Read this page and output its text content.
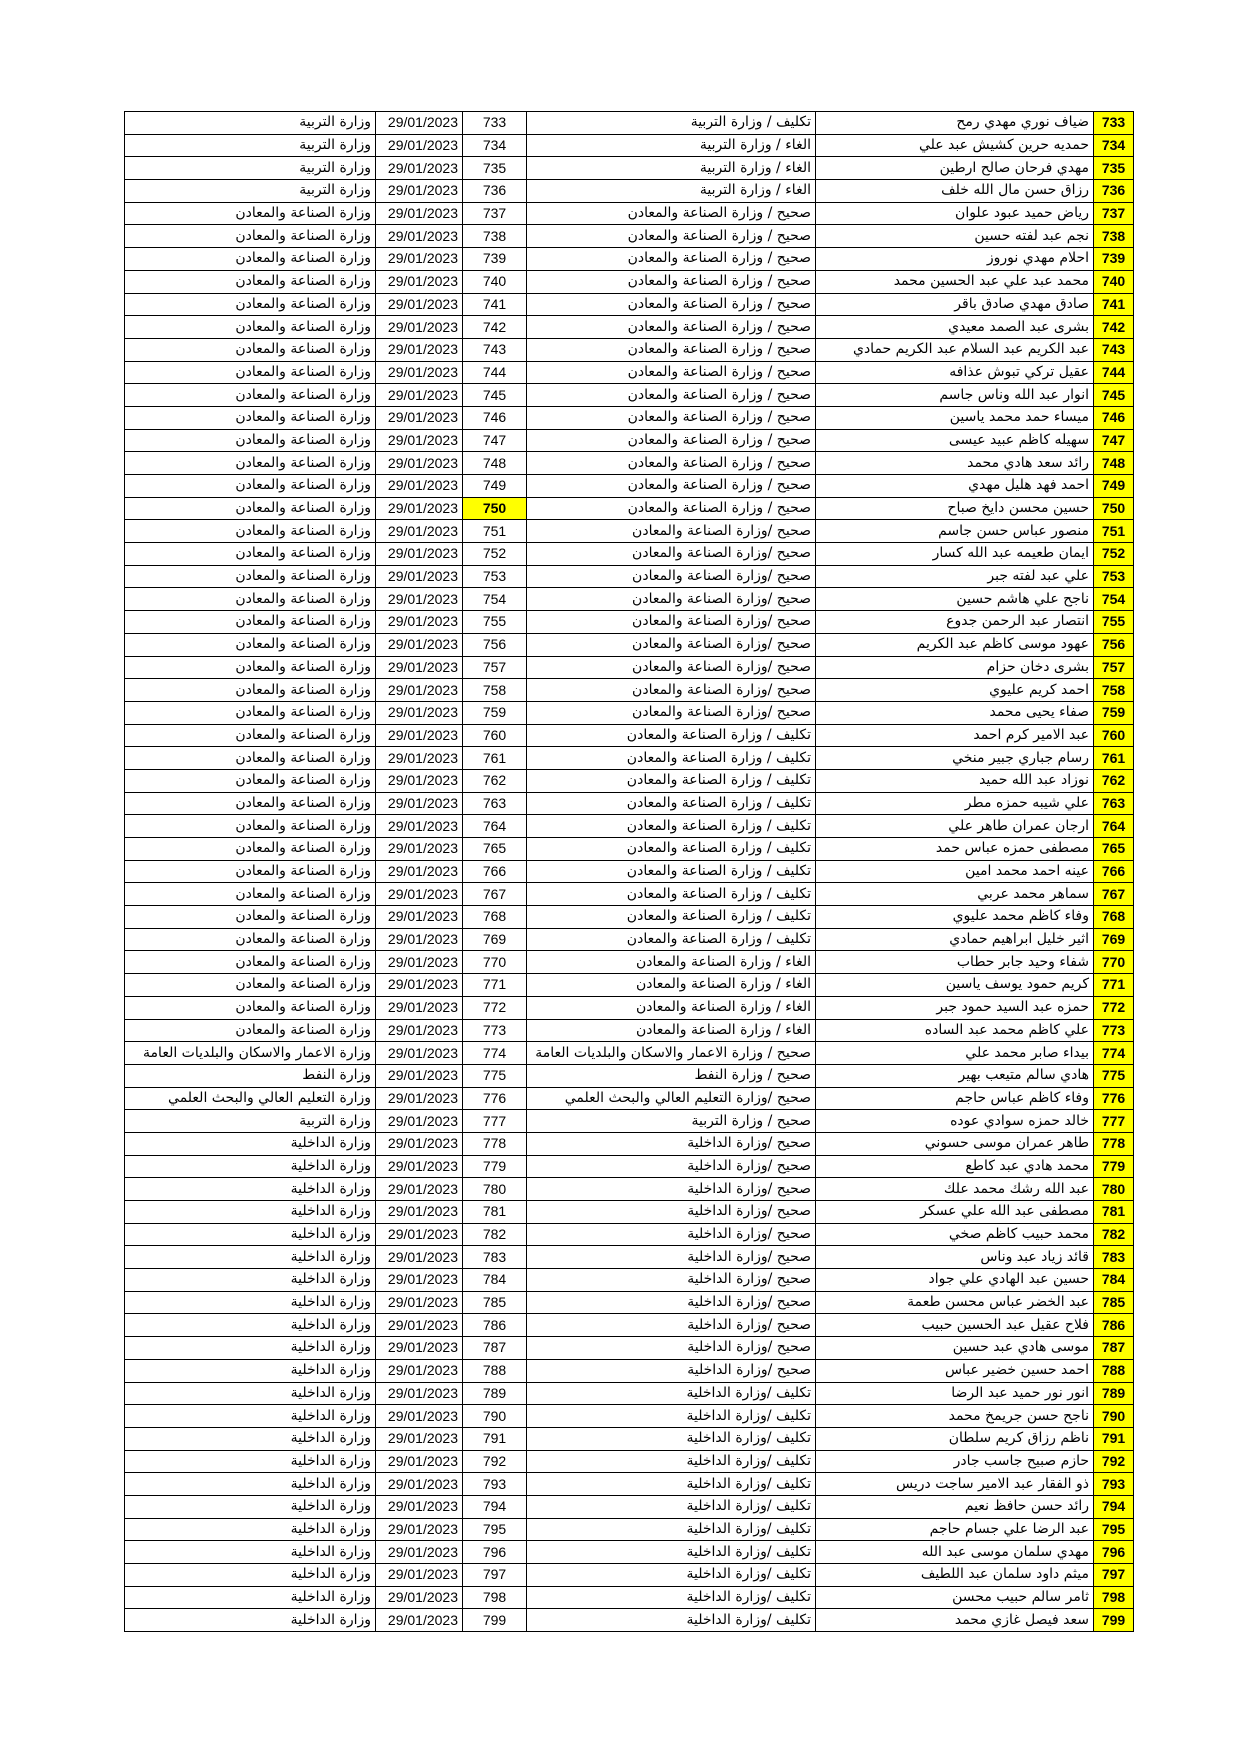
وزارة التربية	29/01/2023	733	تكليف / وزارة التربية	ضياف نوري مهدي رمح	733
وزارة التربية	29/01/2023	734	الغاء / وزارة التربية	حمديه حرين كشيش عبد علي	734
وزارة التربية	29/01/2023	735	الغاء / وزارة التربية	مهدي فرحان صالح ارطين	735
وزارة التربية	29/01/2023	736	الغاء / وزارة التربية	رزاق حسن مال الله خلف	736
وزارة الصناعة والمعادن	29/01/2023	737	صحيح / وزارة الصناعة والمعادن	رياض حميد عبود علوان	737
وزارة الصناعة والمعادن	29/01/2023	738	صحيح / وزارة الصناعة والمعادن	نجم عبد لفته حسين	738
وزارة الصناعة والمعادن	29/01/2023	739	صحيح / وزارة الصناعة والمعادن	احلام مهدي نوروز	739
وزارة الصناعة والمعادن	29/01/2023	740	صحيح / وزارة الصناعة والمعادن	محمد عبد علي عبد الحسين محمد	740
وزارة الصناعة والمعادن	29/01/2023	741	صحيح / وزارة الصناعة والمعادن	صادق مهدي صادق باقر	741
وزارة الصناعة والمعادن	29/01/2023	742	صحيح / وزارة الصناعة والمعادن	بشرى عبد الصمد معيدي	742
وزارة الصناعة والمعادن	29/01/2023	743	صحيح / وزارة الصناعة والمعادن	عبد الكريم عبد السلام عبد الكريم حمادي	743
وزارة الصناعة والمعادن	29/01/2023	744	صحيح / وزارة الصناعة والمعادن	عقيل تركي تبوش عذافه	744
وزارة الصناعة والمعادن	29/01/2023	745	صحيح / وزارة الصناعة والمعادن	انوار عبد الله وناس جاسم	745
وزارة الصناعة والمعادن	29/01/2023	746	صحيح / وزارة الصناعة والمعادن	ميساء حمد محمد ياسين	746
وزارة الصناعة والمعادن	29/01/2023	747	صحيح / وزارة الصناعة والمعادن	سهيله كاظم عبيد عيسى	747
وزارة الصناعة والمعادن	29/01/2023	748	صحيح / وزارة الصناعة والمعادن	رائد سعد هادي محمد	748
وزارة الصناعة والمعادن	29/01/2023	749	صحيح / وزارة الصناعة والمعادن	احمد فهد هليل مهدي	749
وزارة الصناعة والمعادن	29/01/2023	750	صحيح / وزارة الصناعة والمعادن	حسين محسن دايخ صباح	750
وزارة الصناعة والمعادن	29/01/2023	751	صحيح /وزارة الصناعة والمعادن	منصور عباس حسن جاسم	751
وزارة الصناعة والمعادن	29/01/2023	752	صحيح /وزارة الصناعة والمعادن	ايمان طعيمه عبد الله كسار	752
وزارة الصناعة والمعادن	29/01/2023	753	صحيح /وزارة الصناعة والمعادن	علي عبد لفته جبر	753
وزارة الصناعة والمعادن	29/01/2023	754	صحيح /وزارة الصناعة والمعادن	ناجح علي هاشم حسين	754
وزارة الصناعة والمعادن	29/01/2023	755	صحيح /وزارة الصناعة والمعادن	انتصار عبد الرحمن جدوع	755
وزارة الصناعة والمعادن	29/01/2023	756	صحيح /وزارة الصناعة والمعادن	عهود موسى كاظم عبد الكريم	756
وزارة الصناعة والمعادن	29/01/2023	757	صحيح /وزارة الصناعة والمعادن	بشرى دخان حزام	757
وزارة الصناعة والمعادن	29/01/2023	758	صحيح /وزارة الصناعة والمعادن	احمد كريم عليوي	758
وزارة الصناعة والمعادن	29/01/2023	759	صحيح /وزارة الصناعة والمعادن	صفاء يحيى محمد	759
وزارة الصناعة والمعادن	29/01/2023	760	تكليف / وزارة الصناعة والمعادن	عبد الامير كرم احمد	760
وزارة الصناعة والمعادن	29/01/2023	761	تكليف / وزارة الصناعة والمعادن	رسام جباري جبير منخي	761
وزارة الصناعة والمعادن	29/01/2023	762	تكليف / وزارة الصناعة والمعادن	نوزاد عبد الله حميد	762
وزارة الصناعة والمعادن	29/01/2023	763	تكليف / وزارة الصناعة والمعادن	علي شيبه حمزه مطر	763
وزارة الصناعة والمعادن	29/01/2023	764	تكليف / وزارة الصناعة والمعادن	ارجان عمران طاهر علي	764
وزارة الصناعة والمعادن	29/01/2023	765	تكليف / وزارة الصناعة والمعادن	مصطفى حمزه عباس حمد	765
وزارة الصناعة والمعادن	29/01/2023	766	تكليف / وزارة الصناعة والمعادن	عينه احمد محمد امين	766
وزارة الصناعة والمعادن	29/01/2023	767	تكليف / وزارة الصناعة والمعادن	سماهر محمد عربي	767
وزارة الصناعة والمعادن	29/01/2023	768	تكليف / وزارة الصناعة والمعادن	وفاء كاظم محمد عليوي	768
وزارة الصناعة والمعادن	29/01/2023	769	تكليف / وزارة الصناعة والمعادن	اثير خليل ابراهيم حمادي	769
وزارة الصناعة والمعادن	29/01/2023	770	الغاء / وزارة الصناعة والمعادن	شفاء وحيد جابر حطاب	770
وزارة الصناعة والمعادن	29/01/2023	771	الغاء / وزارة الصناعة والمعادن	كريم حمود يوسف ياسين	771
وزارة الصناعة والمعادن	29/01/2023	772	الغاء / وزارة الصناعة والمعادن	حمزه عبد السيد حمود جبر	772
وزارة الصناعة والمعادن	29/01/2023	773	الغاء / وزارة الصناعة والمعادن	علي كاظم محمد عبد الساده	773
وزارة الاعمار والاسكان والبلديات العامة	29/01/2023	774	صحيح / وزارة الاعمار والاسكان والبلديات العامة	بيداء صابر محمد علي	774
وزارة النفط	29/01/2023	775	صحيح / وزارة النفط	هادي سالم متيعب بهير	775
وزارة التعليم العالي والبحث العلمي	29/01/2023	776	صحيح /وزارة التعليم العالي والبحث العلمي	وفاء كاظم عباس حاجم	776
وزارة التربية	29/01/2023	777	صحيح / وزارة التربية	خالد حمزه سوادي عوده	777
وزارة الداخلية	29/01/2023	778	صحيح /وزارة الداخلية	طاهر عمران موسى حسوني	778
وزارة الداخلية	29/01/2023	779	صحيح /وزارة الداخلية	محمد هادي عبد كاطع	779
وزارة الداخلية	29/01/2023	780	صحيح /وزارة الداخلية	عبد الله رشك محمد علك	780
وزارة الداخلية	29/01/2023	781	صحيح /وزارة الداخلية	مصطفى عبد الله علي عسكر	781
وزارة الداخلية	29/01/2023	782	صحيح /وزارة الداخلية	محمد حبيب كاظم صخي	782
وزارة الداخلية	29/01/2023	783	صحيح /وزارة الداخلية	قائد زياد عبد وناس	783
وزارة الداخلية	29/01/2023	784	صحيح /وزارة الداخلية	حسين عبد الهادي علي جواد	784
وزارة الداخلية	29/01/2023	785	صحيح /وزارة الداخلية	عبد الخضر عباس محسن طعمة	785
وزارة الداخلية	29/01/2023	786	صحيح /وزارة الداخلية	فلاح عقيل عبد الحسين حبيب	786
وزارة الداخلية	29/01/2023	787	صحيح /وزارة الداخلية	موسى هادي عبد حسين	787
وزارة الداخلية	29/01/2023	788	صحيح /وزارة الداخلية	احمد حسين خضير عباس	788
وزارة الداخلية	29/01/2023	789	تكليف /وزارة الداخلية	انور نور حميد عبد الرضا	789
وزارة الداخلية	29/01/2023	790	تكليف /وزارة الداخلية	ناجح حسن جريمخ محمد	790
وزارة الداخلية	29/01/2023	791	تكليف /وزارة الداخلية	ناظم رزاق كريم سلطان	791
وزارة الداخلية	29/01/2023	792	تكليف /وزارة الداخلية	حازم صبيح جاسب جادر	792
وزارة الداخلية	29/01/2023	793	تكليف /وزارة الداخلية	ذو الفقار عبد الامير ساجت دريس	793
وزارة الداخلية	29/01/2023	794	تكليف /وزارة الداخلية	رائد حسن حافظ نعيم	794
وزارة الداخلية	29/01/2023	795	تكليف /وزارة الداخلية	عبد الرضا علي جسام حاجم	795
وزارة الداخلية	29/01/2023	796	تكليف /وزارة الداخلية	مهدي سلمان موسى عبد الله	796
وزارة الداخلية	29/01/2023	797	تكليف /وزارة الداخلية	ميثم داود سلمان عبد اللطيف	797
وزارة الداخلية	29/01/2023	798	تكليف /وزارة الداخلية	ثامر سالم حبيب محسن	798
وزارة الداخلية	29/01/2023	799	تكليف /وزارة الداخلية	سعد فيصل غازي محمد	799
